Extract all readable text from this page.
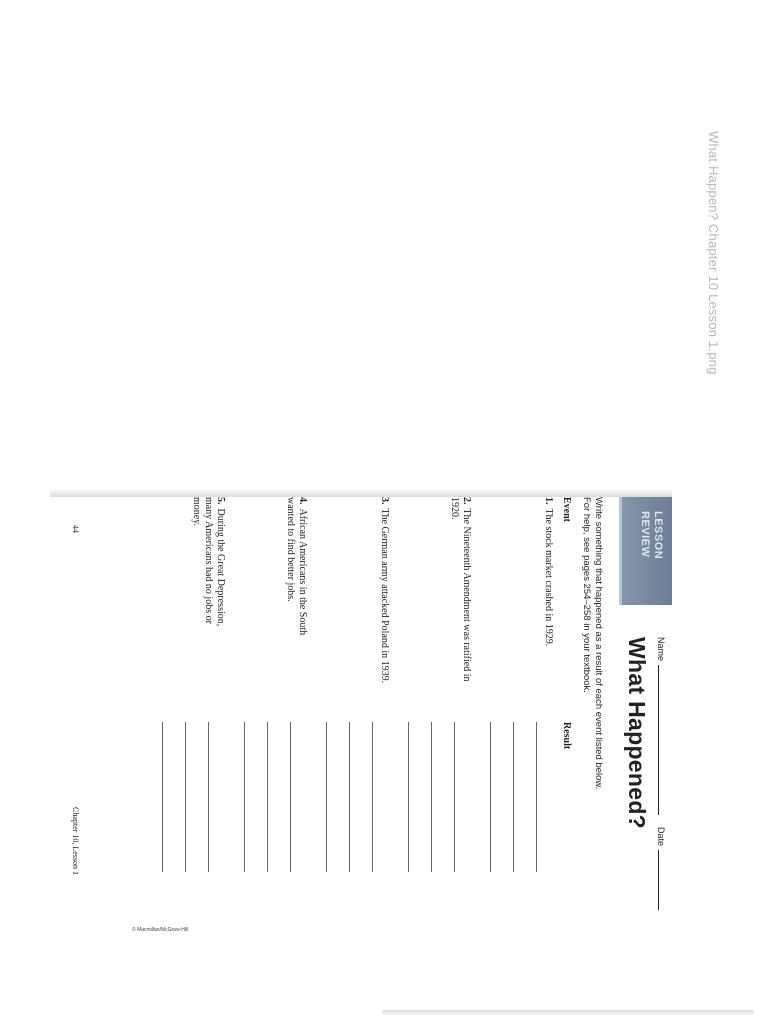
What Happen? Chapter 10 Lesson 1.png
LESSON
REVIEW
Name
Date
What Happened?
Write something that happened as a result of each event listed below. For help, see pages 254–258 in your textbook.
Event
Result
1.The stock market crashed in 1929.
2.The Nineteenth Amendment was ratified in 1920.
3.The German army attacked Poland in 1939.
4.African Americans in the South wanted to find better jobs.
5.During the Great Depression, many Americans had no jobs or money.
44
Chapter 10, Lesson 1
© Macmillan/McGraw-Hill
